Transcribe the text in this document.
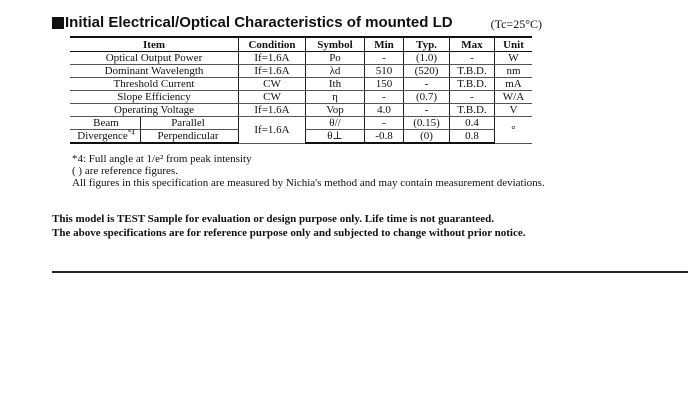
Initial Electrical/Optical Characteristics of mounted LD	(Tc=25°C)
Item	Condition	Symbol	Min	Typ.	Max	Unit
Optical Output Power	If=1.6A	Po	-	(1.0)	-	W
Dominant Wavelength	If=1.6A	λd	510	(520)	T.B.D.	nm
Threshold Current	CW	Ith	150	-	T.B.D.	mA
Slope Efficiency	CW	η	-	(0.7)	-	W/A
Operating Voltage	If=1.6A	Vop	4.0	-	T.B.D.	V
Beam Parallel	If=1.6A	θ//	-	(0.15)	0.4	°
Divergence$^{*4}$ Perpendicular		θ⊥	-0.8	(0)	0.8	
*4: Full angle at 1/e² from peak intensity
( ) are reference figures.
All figures in this specification are measured by Nichia's method and may contain measurement deviations.
This model is TEST Sample for evaluation or design purpose only. Life time is not guaranteed.
The above specifications are for reference purpose only and subjected to change without prior notice.
